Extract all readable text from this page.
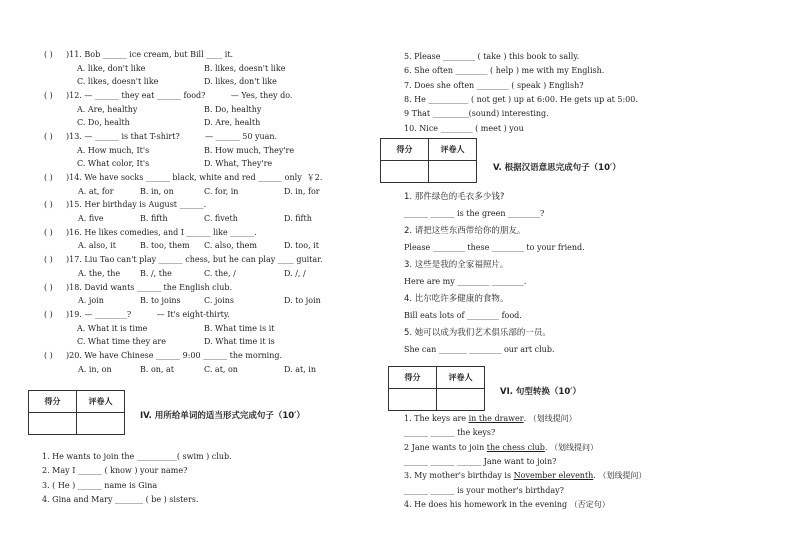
( ) )11. Bob ______ ice cream, but Bill ____ it.
A. like, don't like	B. likes, doesn't like
C. likes, doesn't like	D. likes, don't like
( ) )12. — ______ they eat ______ food?          — Yes, they do.
A. Are, healthy	B. Do, healthy
C. Do, health	D. Are, health
( ) )13. — ______ is that T-shirt?          — ______ 50 yuan.
A. How much, It's	B. How much, They're
C. What color, It's	D. What, They're
( ) )14. We have socks ______ black, white and red ______ only  ￥2.
A. at, for	B. in, on	C. for, in	D. in, for
( ) )15. Her birthday is August ______.
A. five	B. fifth	C. fiveth	D. fifth
( ) )16. He likes comedies, and I ______ like ______.
A. also, it	B. too, them C. also, them	D. too, it
( ) )17. Liu Tao can't play ______ chess, but he can play ____ guitar.
A. the, the B. /, the	C. the, /	D. /, /
( ) )18. David wants ______ the English club.
A. join	B. to joins	C. joins	D. to join
( ) )19. — ________?          — It's eight-thirty.
A. What it is time	B. What time is it
C. What time they are	D. What time it is
( ) )20. We have Chinese ______ 9:00 ______ the morning.
A. in, on	B. on, at	C. at, on	D. at, in
得分	评卷人

IV. 用所给单词的适当形式完成句子（10′）
1. He wants to join the __________( swim ) club.
2. May I ______ ( know ) your name?
3. ( He ) ______ name is Gina
4. Gina and Mary _______ ( be ) sisters.
5. Please ________ ( take ) this book to sally.
6. She often ________ ( help ) me with my English.
7. Does she often ________ ( speak ) English?
8. He __________ ( not get ) up at 6:00. He gets up at 5:00.
9 That _________(sound) interesting.
10. Nice ________ ( meet ) you
得分	评卷人

V. 根据汉语意思完成句子（10′）
1. 那件绿色的毛衣多少钱?
______ ______ is the green ________?
2. 请把这些东西带给你的朋友。
Please ________ these ________ to your friend.
3. 这些是我的全家福照片。
Here are my ________ ________.
4. 比尔吃许多健康的食物。
Bill eats lots of ________ food.
5. 她可以成为我们艺术俱乐部的一员。
She can _______ ________ our art club.
得分	评卷人

VI. 句型转换（10′）
1. The keys are in the drawer. （划线提问）
______ ______ the keys?
2 Jane wants to join the chess club. （划线提问）
______ ______ ______ Jane want to join?
3. My mother's birthday is November eleventh. （划线提问）
______ ______ is your mother's birthday?
4. He does his homework in the evening （否定句）
